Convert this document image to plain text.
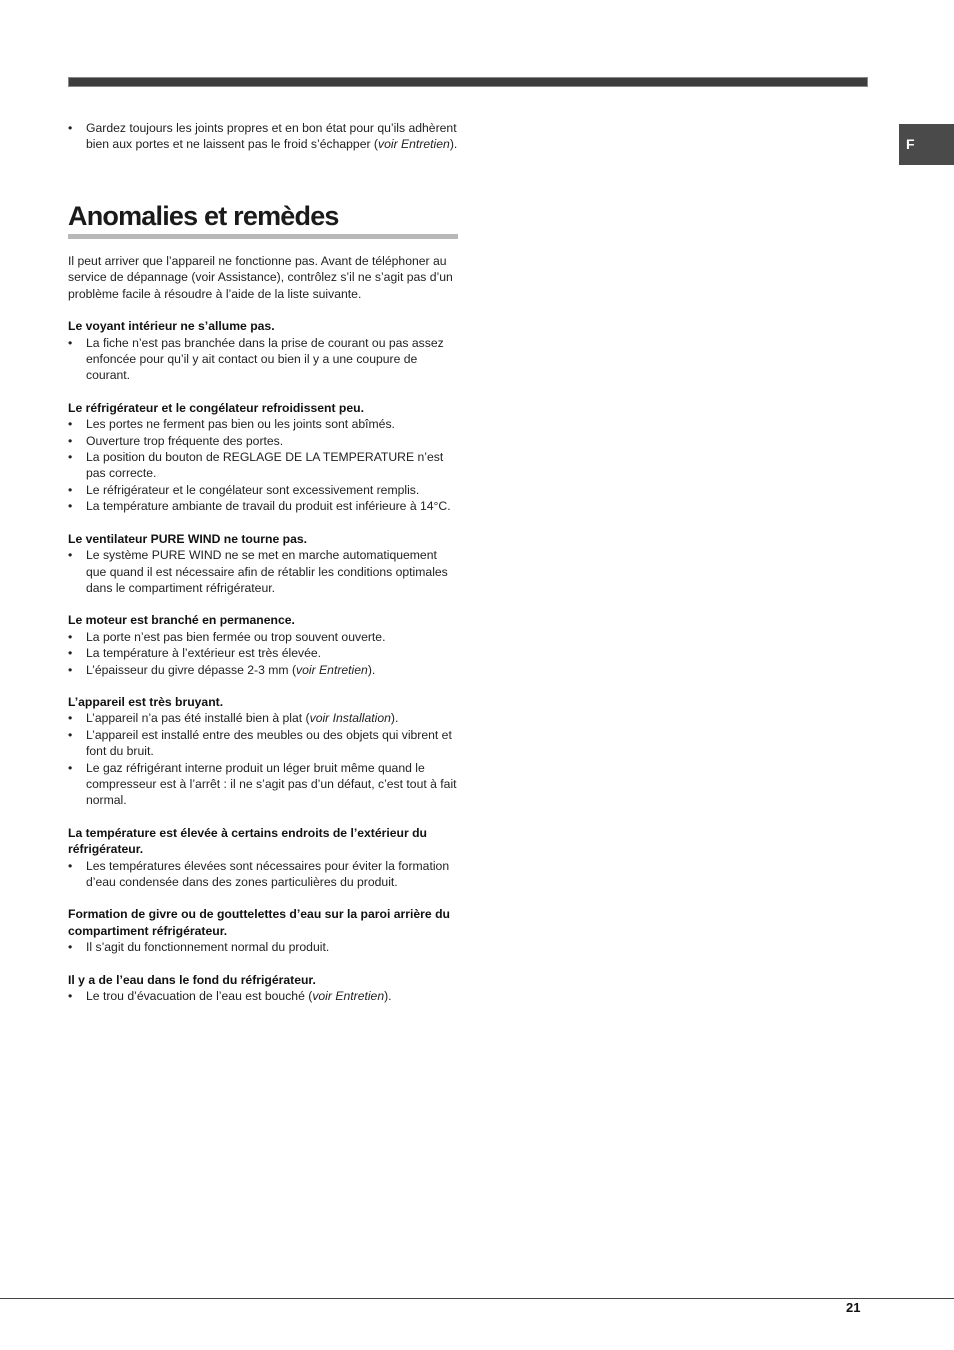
F
• Gardez toujours les joints propres et en bon état pour qu’ils adhèrent bien aux portes et ne laissent pas le froid s’échapper (voir Entretien).
Anomalies et remèdes

Il peut arriver que l’appareil ne fonctionne pas. Avant de téléphoner au service de dépannage (voir Assistance), contrôlez s’il ne s’agit pas d’un problème facile à résoudre à l’aide de la liste suivante.

Le voyant intérieur ne s’allume pas.
• La fiche n’est pas branchée dans la prise de courant ou pas assez enfoncée pour qu’il y ait contact ou bien il y a une coupure de courant.
Le réfrigérateur et le congélateur refroidissent peu.
• Les portes ne ferment pas bien ou les joints sont abîmés.
• Ouverture trop fréquente des portes.
• La position du bouton de REGLAGE DE LA TEMPERATURE n’est pas correcte.
• Le réfrigérateur et le congélateur sont excessivement remplis.
• La température ambiante de travail du produit est inférieure à 14°C.
Le ventilateur PURE WIND ne tourne pas.
• Le système PURE WIND ne se met en marche automatiquement que quand il est nécessaire afin de rétablir les conditions optimales dans le compartiment réfrigérateur.
Le moteur est branché en permanence.
• La porte n’est pas bien fermée ou trop souvent ouverte.
• La température à l’extérieur est très élevée.
• L’épaisseur du givre dépasse 2-3 mm (voir Entretien).
L’appareil est très bruyant.
• L’appareil n’a pas été installé bien à plat (voir Installation).
• L’appareil est installé entre des meubles ou des objets qui vibrent et font du bruit.
• Le gaz réfrigérant interne produit un léger bruit même quand le compresseur est à l’arrêt : il ne s’agit pas d’un défaut, c’est tout à fait normal.
La température est élevée à certains endroits de l’extérieur du réfrigérateur.
• Les températures élevées sont nécessaires pour éviter la formation d’eau condensée dans des zones particulières du produit.
Formation de givre ou de gouttelettes d’eau sur la paroi arrière du compartiment réfrigérateur.
• Il s’agit du fonctionnement normal du produit.
Il y a de l’eau dans le fond du réfrigérateur.
• Le trou d’évacuation de l’eau est bouché (voir Entretien).
21
